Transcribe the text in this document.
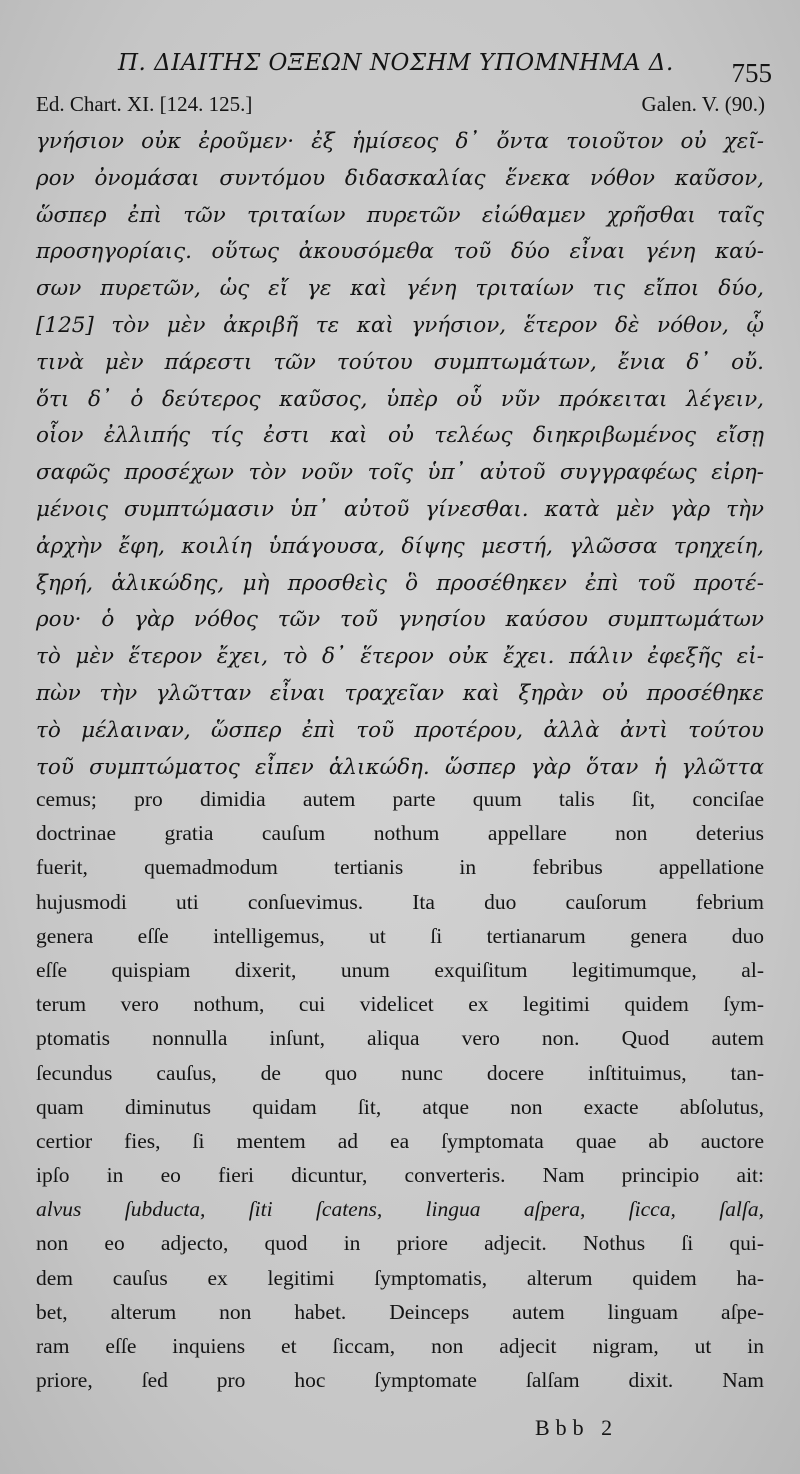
Π. ΔΙΑΙΤΗΣ ΟΞΕΩΝ ΝΟΣΗΜ ΥΠΟΜΝΗΜΑ Δ.	755
Ed. Chart. XI. [124. 125.]	Galen. V. (90.)
γνήσιον οὐκ ἐροῦμεν· ἐξ ἡμίσεος δ᾽ ὄντα τοιοῦτον οὐ χεῖ-
ρον ὀνομάσαι συντόμου διδασκαλίας ἕνεκα νόθον καῦσον,
ὥσπερ ἐπὶ τῶν τριταίων πυρετῶν εἰώθαμεν χρῆσθαι ταῖς
προσηγορίαις. οὕτως ἀκουσόμεθα τοῦ δύο εἶναι γένη καύ-
σων πυρετῶν, ὡς εἴ γε καὶ γένη τριταίων τις εἴποι δύο,
[125] τὸν μὲν ἀκριβῆ τε καὶ γνήσιον, ἕτερον δὲ νόθον, ᾧ
τινὰ μὲν πάρεστι τῶν τούτου συμπτωμάτων, ἔνια δ᾽ οὔ.
ὅτι δ᾽ ὁ δεύτερος καῦσος, ὑπὲρ οὗ νῦν πρόκειται λέγειν,
οἷον ἐλλιπής τίς ἐστι καὶ οὐ τελέως διηκριβωμένος εἴσῃ
σαφῶς προσέχων τὸν νοῦν τοῖς ὑπ᾽ αὐτοῦ συγγραφέως εἰρη-
μένοις συμπτώμασιν ὑπ᾽ αὐτοῦ γίνεσθαι. κατὰ μὲν γὰρ τὴν
ἀρχὴν ἔφη, κοιλίη ὑπάγουσα, δίψης μεστή, γλῶσσα τρηχείη,
ξηρή, ἁλικώδης, μὴ προσθεὶς ὃ προσέθηκεν ἐπὶ τοῦ προτέ-
ρου· ὁ γὰρ νόθος τῶν τοῦ γνησίου καύσου συμπτωμάτων
τὸ μὲν ἕτερον ἔχει, τὸ δ᾽ ἕτερον οὐκ ἔχει. πάλιν ἐφεξῆς εἰ-
πὼν τὴν γλῶτταν εἶναι τραχεῖαν καὶ ξηρὰν οὐ προσέθηκε
τὸ μέλαιναν, ὥσπερ ἐπὶ τοῦ προτέρου, ἀλλὰ ἀντὶ τούτου
τοῦ συμπτώματος εἶπεν ἁλικώδη. ὥσπερ γὰρ ὅταν ἡ γλῶττα
cemus; pro dimidia autem parte quum talis ſit, conciſae
doctrinae gratia cauſum nothum appellare non deterius
fuerit, quemadmodum tertianis in febribus appellatione
hujusmodi uti conſuevimus. Ita duo cauſorum febrium
genera eſſe intelligemus, ut ſi tertianarum genera duo
eſſe quispiam dixerit, unum exquiſitum legitimumque, al-
terum vero nothum, cui videlicet ex legitimi quidem ſym-
ptomatis nonnulla inſunt, aliqua vero non. Quod autem
ſecundus cauſus, de quo nunc docere inſtituimus, tan-
quam diminutus quidam ſit, atque non exacte abſolutus,
certior fies, ſi mentem ad ea ſymptomata quae ab auctore
ipſo in eo fieri dicuntur, converteris. Nam principio ait:
alvus ſubducta, ſiti ſcatens, lingua aſpera, ſicca, ſalſa,
non eo adjecto, quod in priore adjecit. Nothus ſi qui-
dem cauſus ex legitimi ſymptomatis, alterum quidem ha-
bet, alterum non habet. Deinceps autem linguam aſpe-
ram eſſe inquiens et ſiccam, non adjecit nigram, ut in
priore, ſed pro hoc ſymptomate ſalſam dixit. Nam
Bbb 2
